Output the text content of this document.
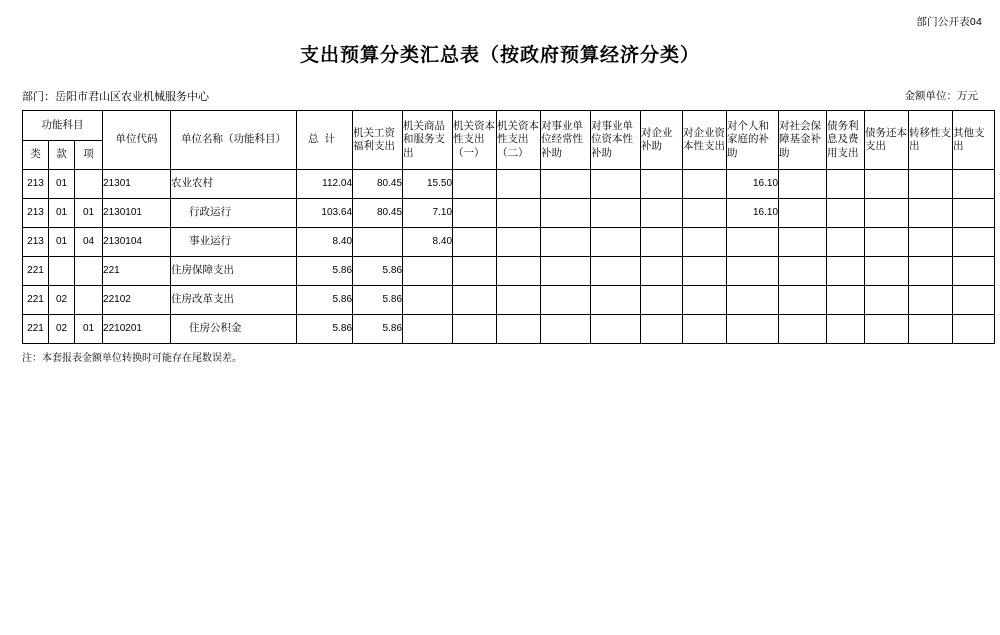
部门公开表04
支出预算分类汇总表（按政府预算经济分类）
部门：岳阳市君山区农业机械服务中心	金额单位：万元
功能科目			单位代码	单位名称（功能科目）	总计	机关工资福利支出	机关商品和服务支出	机关资本性支出（一）	机关资本性支出（二）	对事业单位经常性补助	对事业单位资本性补助	对企业补助	对企业资本性支出	对个人和家庭的补助	对社会保障基金补助	债务利息及费用支出	债务还本支出	转移性支出	其他支出
类	款	项																	
213	01		21301	农业农村	112.04	80.45	15.50							16.10					
213	01	01	2130101	行政运行	103.64	80.45	7.10							16.10					
213	01	04	2130104	事业运行	8.40		8.40												
221			221	住房保障支出	5.86	5.86													
221	02		22102	住房改革支出	5.86	5.86													
221	02	01	2210201	住房公积金	5.86	5.86													
注：本套报表金额单位转换时可能存在尾数误差。
